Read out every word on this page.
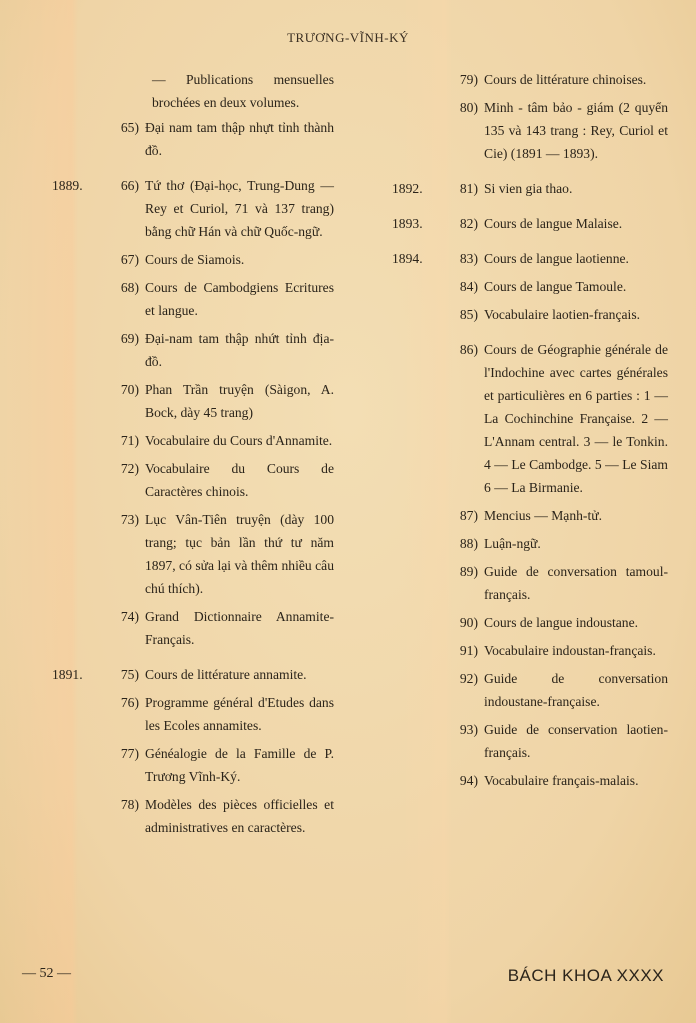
TRƯƠNG-VĨNH-KÝ
— Publications mensuelles brochées en deux volumes.
65) Đại nam tam thập nhựt tỉnh thành đồ.
1889.	66) Tứ thơ (Đại-học, Trung-Dung — Rey et Curiol, 71 và 137 trang) bằng chữ Hán và chữ Quốc-ngữ.
67) Cours de Siamois.
68) Cours de Cambodgiens Ecritures et langue.
69) Đại-nam tam thập nhứt tỉnh địa-đồ.
70) Phan Trần truyện (Sàigon, A. Bock, dày 45 trang)
71) Vocabulaire du Cours d'Annamite.
72) Vocabulaire du Cours de Caractères chinois.
73) Lục Vân-Tiên truyện (dày 100 trang; tục bản lần thứ tư năm 1897, có sửa lại và thêm nhiều câu chú thích).
74) Grand Dictionnaire Annamite-Français.
1891.	75) Cours de littérature annamite.
76) Programme général d'Etudes dans les Ecoles annamites.
77) Généalogie de la Famille de P. Trương Vĩnh-Ký.
78) Modèles des pièces officielles et administratives en caractères.
79) Cours de littérature chinoises.
80) Minh - tâm bảo - giám (2 quyển 135 và 143 trang : Rey, Curiol et Cie) (1891 — 1893).
1892.	81) Si vien gia thao.
1893.	82) Cours de langue Malaise.
1894.	83) Cours de langue laotienne.
84) Cours de langue Tamoule.
85) Vocabulaire laotien-français.
86) Cours de Géographie générale de l'Indochine avec cartes générales et particulières en 6 parties : 1 — La Cochinchine Française. 2 — L'Annam central. 3 — le Tonkin. 4 — Le Cambodge. 5 — Le Siam 6 — La Birmanie.
87) Mencius — Mạnh-tử.
88) Luận-ngữ.
89) Guide de conversation tamoul-français.
90) Cours de langue indoustane.
91) Vocabulaire indoustan-français.
92) Guide de conversation indoustane-française.
93) Guide de conservation laotien-français.
94) Vocabulaire français-malais.
— 52 —	BÁCH KHOA XXXX
